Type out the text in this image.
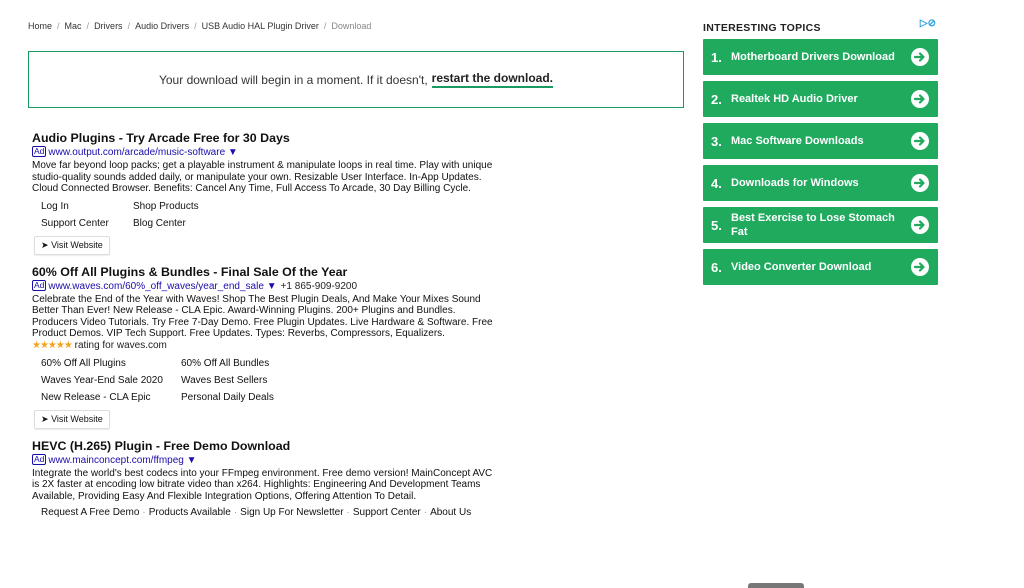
Home / Mac / Drivers / Audio Drivers / USB Audio HAL Plugin Driver / Download
Your download will begin in a moment. If it doesn't, restart the download.
Audio Plugins - Try Arcade Free for 30 Days
Ad www.output.com/arcade/music-software ▼
Move far beyond loop packs; get a playable instrument & manipulate loops in real time. Play with unique studio-quality sounds added daily, or manipulate your own. Resizable User Interface. In-App Updates. Cloud Connected Browser. Benefits: Cancel Any Time, Full Access To Arcade, 30 Day Billing Cycle.
Log In	Shop Products
Support Center	Blog Center
➤ Visit Website
60% Off All Plugins & Bundles - Final Sale Of the Year
Ad www.waves.com/60%_off_waves/year_end_sale ▼ +1 865-909-9200
Celebrate the End of the Year with Waves! Shop The Best Plugin Deals, And Make Your Mixes Sound Better Than Ever! New Release - CLA Epic. Award-Winning Plugins. 200+ Plugins and Bundles. Producers Video Tutorials. Try Free 7-Day Demo. Free Plugin Updates. Live Hardware & Software. Free Product Demos. VIP Tech Support. Free Updates. Types: Reverbs, Compressors, Equalizers.
★★★★★ rating for waves.com
60% Off All Plugins	60% Off All Bundles
Waves Year-End Sale 2020	Waves Best Sellers
New Release - CLA Epic	Personal Daily Deals
➤ Visit Website
HEVC (H.265) Plugin - Free Demo Download
Ad www.mainconcept.com/ffmpeg ▼
Integrate the world's best codecs into your FFmpeg environment. Free demo version! MainConcept AVC is 2X faster at encoding low bitrate video than x264. Highlights: Engineering And Development Teams Available, Providing Easy And Flexible Integration Options, Offering Attention To Detail.
Request A Free Demo · Products Available · Sign Up For Newsletter · Support Center · About Us
INTERESTING TOPICS	▷⊘
1. Motherboard Drivers Download
2. Realtek HD Audio Driver
3. Mac Software Downloads
4. Downloads for Windows
5. Best Exercise to Lose Stomach Fat
6. Video Converter Download
